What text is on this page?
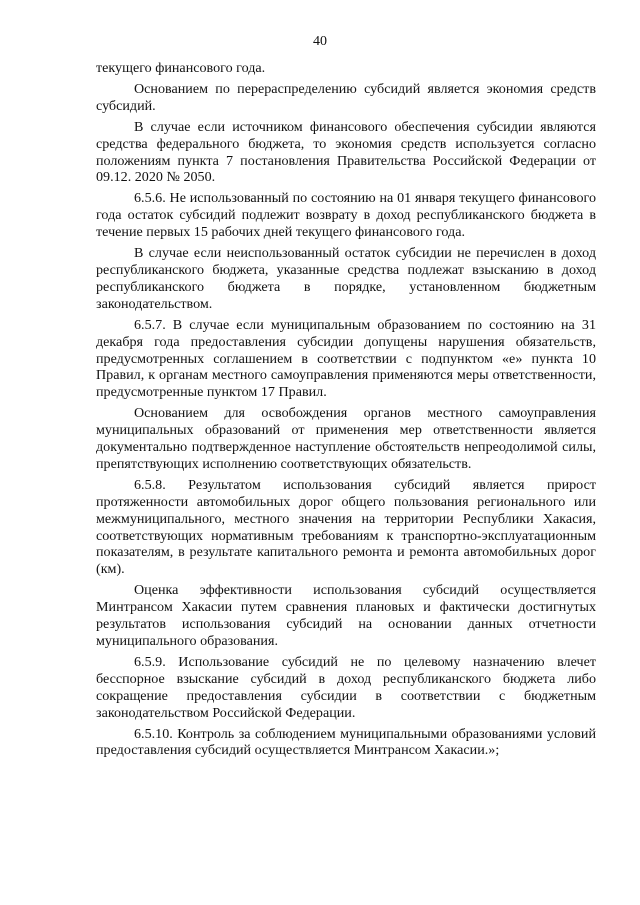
40

текущего финансового года.

Основанием по перераспределению субсидий является экономия средств субсидий.

В случае если источником финансового обеспечения субсидии являются средства федерального бюджета, то экономия средств используется согласно положениям пункта 7 постановления Правительства Российской Федерации от 09.12. 2020 № 2050.

6.5.6. Не использованный по состоянию на 01 января текущего финансового года остаток субсидий подлежит возврату в доход республиканского бюджета в течение первых 15 рабочих дней текущего финансового года.

В случае если неиспользованный остаток субсидии не перечислен в доход республиканского бюджета, указанные средства подлежат взысканию в доход республиканского бюджета в порядке, установленном бюджетным законодательством.

6.5.7. В случае если муниципальным образованием по состоянию на 31 декабря года предоставления субсидии допущены нарушения обязательств, предусмотренных соглашением в соответствии с подпунктом «е» пункта 10 Правил, к органам местного самоуправления применяются меры ответственности, предусмотренные пунктом 17 Правил.

Основанием для освобождения органов местного самоуправления муниципальных образований от применения мер ответственности является документально подтвержденное наступление обстоятельств непреодолимой силы, препятствующих исполнению соответствующих обязательств.

6.5.8. Результатом использования субсидий является прирост протяженности автомобильных дорог общего пользования регионального или межмуниципального, местного значения на территории Республики Хакасия, соответствующих нормативным требованиям к транспортно-эксплуатационным показателям, в результате капитального ремонта и ремонта автомобильных дорог (км).

Оценка эффективности использования субсидий осуществляется Минтрансом Хакасии путем сравнения плановых и фактически достигнутых результатов использования субсидий на основании данных отчетности муниципального образования.

6.5.9. Использование субсидий не по целевому назначению влечет бесспорное взыскание субсидий в доход республиканского бюджета либо сокращение предоставления субсидии в соответствии с бюджетным законодательством Российской Федерации.

6.5.10. Контроль за соблюдением муниципальными образованиями условий предоставления субсидий осуществляется Минтрансом Хакасии.»;
